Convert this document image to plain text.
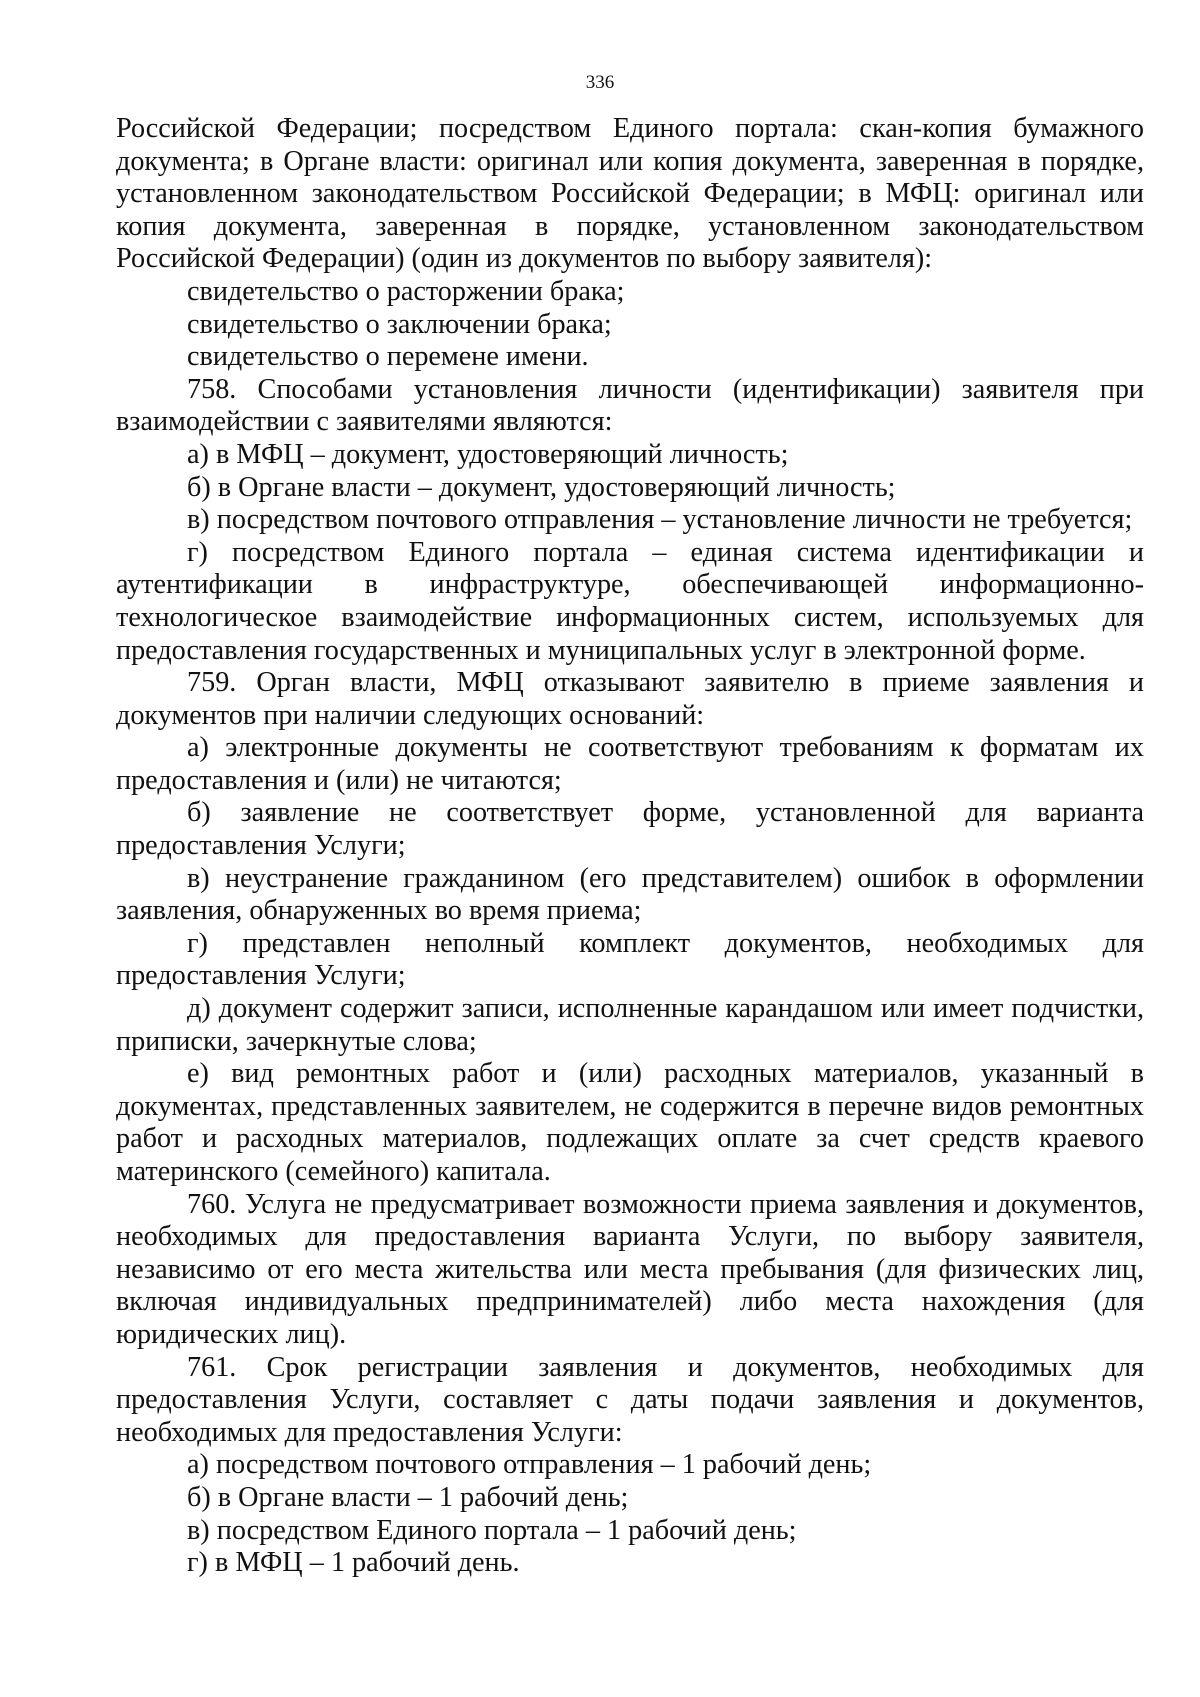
336

Российской Федерации; посредством Единого портала: скан-копия бумажного документа; в Органе власти: оригинал или копия документа, заверенная в порядке, установленном законодательством Российской Федерации; в МФЦ: оригинал или копия документа, заверенная в порядке, установленном законодательством Российской Федерации) (один из документов по выбору заявителя):

свидетельство о расторжении брака;

свидетельство о заключении брака;

свидетельство о перемене имени.

758. Способами установления личности (идентификации) заявителя при взаимодействии с заявителями являются:

а) в МФЦ – документ, удостоверяющий личность;

б) в Органе власти – документ, удостоверяющий личность;

в) посредством почтового отправления – установление личности не требуется;

г) посредством Единого портала – единая система идентификации и аутентификации в инфраструктуре, обеспечивающей информационно-технологическое взаимодействие информационных систем, используемых для предоставления государственных и муниципальных услуг в электронной форме.

759. Орган власти, МФЦ отказывают заявителю в приеме заявления и документов при наличии следующих оснований:

а) электронные документы не соответствуют требованиям к форматам их предоставления и (или) не читаются;

б) заявление не соответствует форме, установленной для варианта предоставления Услуги;

в) неустранение гражданином (его представителем) ошибок в оформлении заявления, обнаруженных во время приема;

г) представлен неполный комплект документов, необходимых для предоставления Услуги;

д) документ содержит записи, исполненные карандашом или имеет подчистки, приписки, зачеркнутые слова;

е) вид ремонтных работ и (или) расходных материалов, указанный в документах, представленных заявителем, не содержится в перечне видов ремонтных работ и расходных материалов, подлежащих оплате за счет средств краевого материнского (семейного) капитала.

760. Услуга не предусматривает возможности приема заявления и документов, необходимых для предоставления варианта Услуги, по выбору заявителя, независимо от его места жительства или места пребывания (для физических лиц, включая индивидуальных предпринимателей) либо места нахождения (для юридических лиц).

761. Срок регистрации заявления и документов, необходимых для предоставления Услуги, составляет с даты подачи заявления и документов, необходимых для предоставления Услуги:

а) посредством почтового отправления – 1 рабочий день;

б) в Органе власти – 1 рабочий день;

в) посредством Единого портала – 1 рабочий день;

г) в МФЦ – 1 рабочий день.
